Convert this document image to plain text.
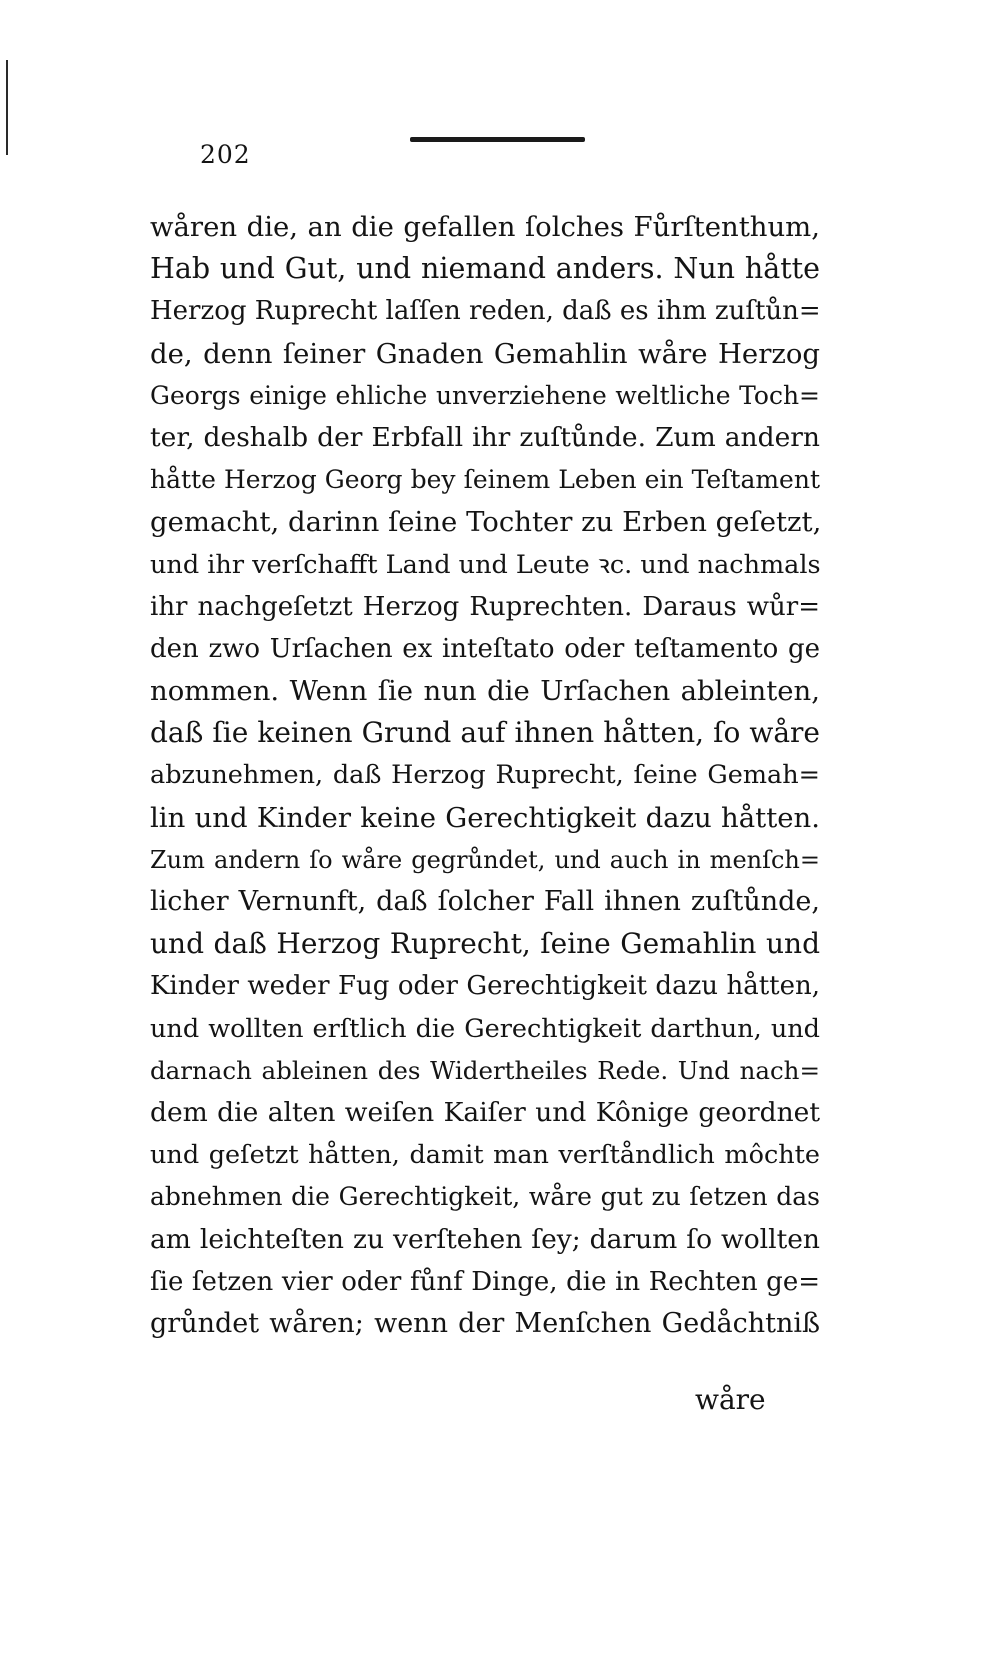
202
wåren die, an die gefallen ſolches Fůrſtenthum,
Hab und Gut, und niemand anders. Nun håtte
Herzog Ruprecht laſſen reden, daß es ihm zuſtůn=
de, denn ſeiner Gnaden Gemahlin wåre Herzog
Georgs einige ehliche unverziehene weltliche Toch=
ter, deshalb der Erbfall ihr zuſtůnde. Zum andern
håtte Herzog Georg bey ſeinem Leben ein Teſtament
gemacht, darinn ſeine Tochter zu Erben geſetzt,
und ihr verſchafft Land und Leute ꝛc. und nachmals
ihr nachgeſetzt Herzog Ruprechten. Daraus wůr=
den zwo Urſachen ex inteſtato oder teſtamento ge
nommen. Wenn ſie nun die Urſachen ableinten,
daß ſie keinen Grund auf ihnen håtten, ſo wåre
abzunehmen, daß Herzog Ruprecht, ſeine Gemah=
lin und Kinder keine Gerechtigkeit dazu håtten.
Zum andern ſo wåre gegrůndet, und auch in menſch=
licher Vernunft, daß ſolcher Fall ihnen zuſtůnde,
und daß Herzog Ruprecht, ſeine Gemahlin und
Kinder weder Fug oder Gerechtigkeit dazu håtten,
und wollten erſtlich die Gerechtigkeit darthun, und
darnach ableinen des Widertheiles Rede. Und nach=
dem die alten weiſen Kaiſer und Kônige geordnet
und geſetzt håtten, damit man verſtåndlich môchte
abnehmen die Gerechtigkeit, wåre gut zu ſetzen das
am leichteſten zu verſtehen ſey; darum ſo wollten
ſie ſetzen vier oder fůnf Dinge, die in Rechten ge=
grůndet wåren; wenn der Menſchen Gedåchtniß
wåre
